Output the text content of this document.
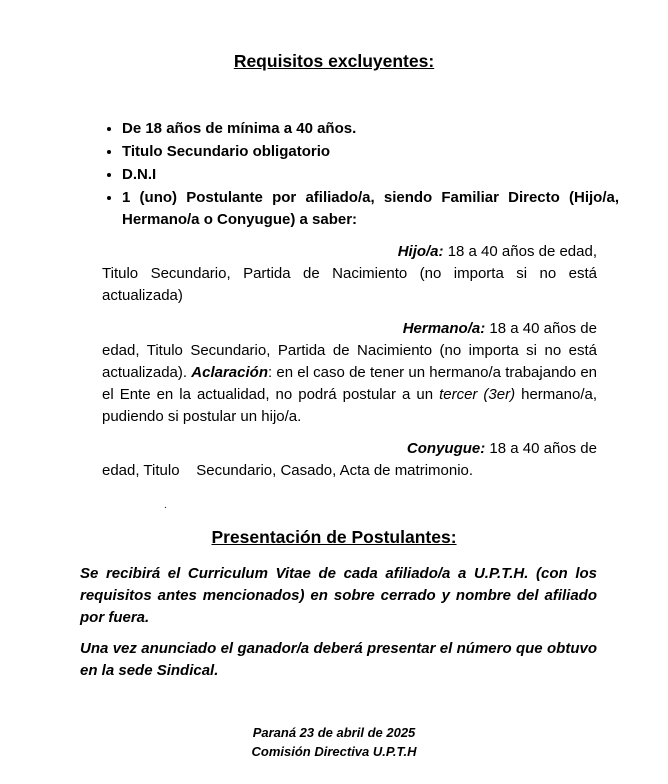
Requisitos excluyentes:
• De 18 años de mínima a 40 años.
• Titulo Secundario obligatorio
• D.N.I
• 1 (uno) Postulante por afiliado/a, siendo Familiar Directo (Hijo/a, Hermano/a o Conyugue) a saber:
Hijo/a: 18 a 40 años de edad,
Titulo Secundario, Partida de Nacimiento (no importa si no está actualizada)
Hermano/a: 18 a 40 años de
edad, Titulo Secundario, Partida de Nacimiento (no importa si no está actualizada). Aclaración: en el caso de tener un hermano/a trabajando en el Ente en la actualidad, no podrá postular a un tercer (3er) hermano/a, pudiendo si postular un hijo/a.
Conyugue: 18 a 40 años de
edad, Titulo    Secundario, Casado, Acta de matrimonio.
.
Presentación de Postulantes:
Se recibirá el Curriculum Vitae de cada afiliado/a a U.P.T.H. (con los requisitos antes mencionados) en sobre cerrado y nombre del afiliado por fuera.
Una vez anunciado el ganador/a deberá presentar el número que obtuvo en la sede Sindical.
Paraná 23 de abril de 2025
Comisión Directiva U.P.T.H
